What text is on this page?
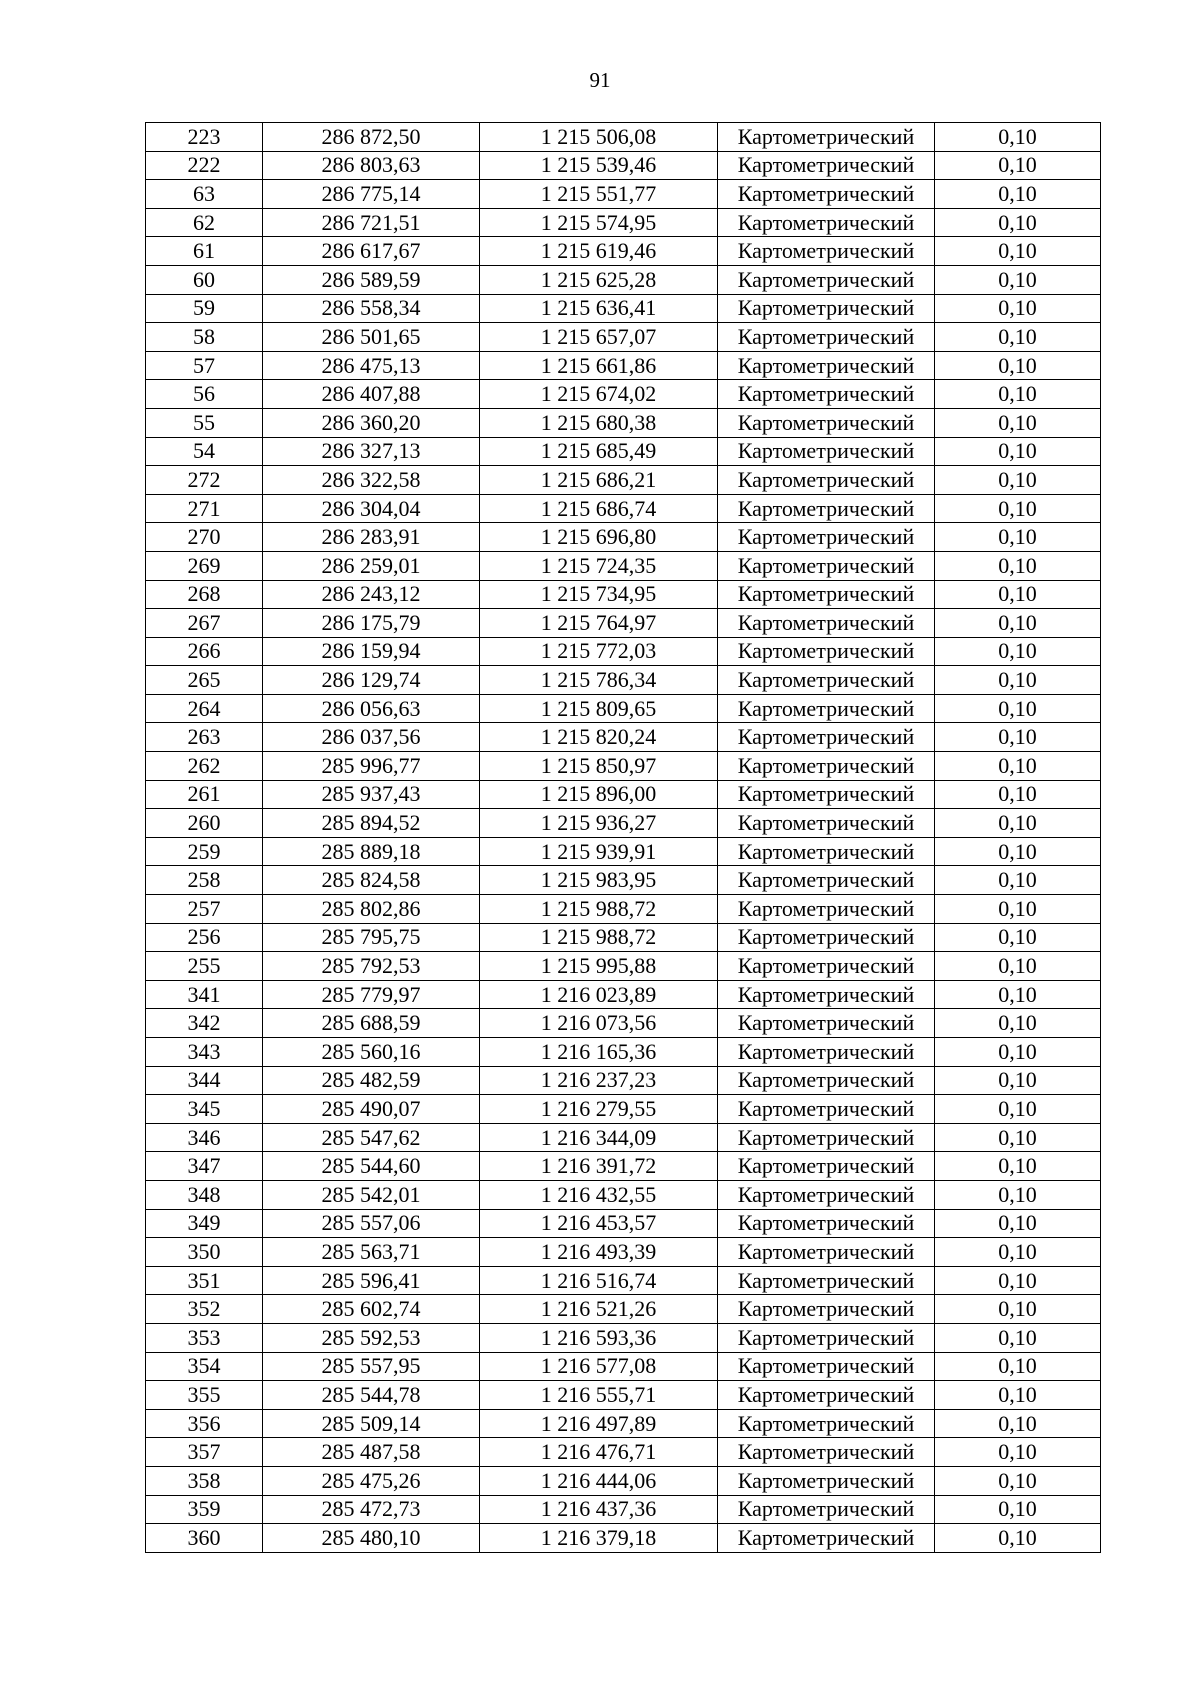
91
223	286 872,50	1 215 506,08	Картометрический	0,10
222	286 803,63	1 215 539,46	Картометрический	0,10
63	286 775,14	1 215 551,77	Картометрический	0,10
62	286 721,51	1 215 574,95	Картометрический	0,10
61	286 617,67	1 215 619,46	Картометрический	0,10
60	286 589,59	1 215 625,28	Картометрический	0,10
59	286 558,34	1 215 636,41	Картометрический	0,10
58	286 501,65	1 215 657,07	Картометрический	0,10
57	286 475,13	1 215 661,86	Картометрический	0,10
56	286 407,88	1 215 674,02	Картометрический	0,10
55	286 360,20	1 215 680,38	Картометрический	0,10
54	286 327,13	1 215 685,49	Картометрический	0,10
272	286 322,58	1 215 686,21	Картометрический	0,10
271	286 304,04	1 215 686,74	Картометрический	0,10
270	286 283,91	1 215 696,80	Картометрический	0,10
269	286 259,01	1 215 724,35	Картометрический	0,10
268	286 243,12	1 215 734,95	Картометрический	0,10
267	286 175,79	1 215 764,97	Картометрический	0,10
266	286 159,94	1 215 772,03	Картометрический	0,10
265	286 129,74	1 215 786,34	Картометрический	0,10
264	286 056,63	1 215 809,65	Картометрический	0,10
263	286 037,56	1 215 820,24	Картометрический	0,10
262	285 996,77	1 215 850,97	Картометрический	0,10
261	285 937,43	1 215 896,00	Картометрический	0,10
260	285 894,52	1 215 936,27	Картометрический	0,10
259	285 889,18	1 215 939,91	Картометрический	0,10
258	285 824,58	1 215 983,95	Картометрический	0,10
257	285 802,86	1 215 988,72	Картометрический	0,10
256	285 795,75	1 215 988,72	Картометрический	0,10
255	285 792,53	1 215 995,88	Картометрический	0,10
341	285 779,97	1 216 023,89	Картометрический	0,10
342	285 688,59	1 216 073,56	Картометрический	0,10
343	285 560,16	1 216 165,36	Картометрический	0,10
344	285 482,59	1 216 237,23	Картометрический	0,10
345	285 490,07	1 216 279,55	Картометрический	0,10
346	285 547,62	1 216 344,09	Картометрический	0,10
347	285 544,60	1 216 391,72	Картометрический	0,10
348	285 542,01	1 216 432,55	Картометрический	0,10
349	285 557,06	1 216 453,57	Картометрический	0,10
350	285 563,71	1 216 493,39	Картометрический	0,10
351	285 596,41	1 216 516,74	Картометрический	0,10
352	285 602,74	1 216 521,26	Картометрический	0,10
353	285 592,53	1 216 593,36	Картометрический	0,10
354	285 557,95	1 216 577,08	Картометрический	0,10
355	285 544,78	1 216 555,71	Картометрический	0,10
356	285 509,14	1 216 497,89	Картометрический	0,10
357	285 487,58	1 216 476,71	Картометрический	0,10
358	285 475,26	1 216 444,06	Картометрический	0,10
359	285 472,73	1 216 437,36	Картометрический	0,10
360	285 480,10	1 216 379,18	Картометрический	0,10
